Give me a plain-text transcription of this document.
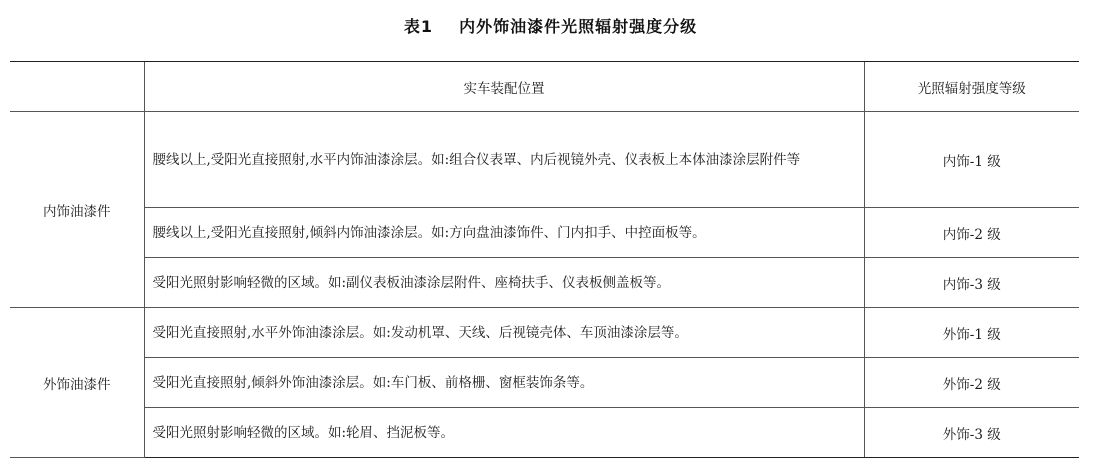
表1 内外饰油漆件光照辐射强度分级
	实车装配位置	光照辐射强度等级
内饰油漆件	腰线以上,受阳光直接照射,水平内饰油漆涂层。如:组合仪表罩、内后视镜外壳、仪表板上本体油漆涂层附件等	内饰-1 级
	腰线以上,受阳光直接照射,倾斜内饰油漆涂层。如:方向盘油漆饰件、门内扣手、中控面板等。	内饰-2 级
	受阳光照射影响轻微的区域。如:副仪表板油漆涂层附件、座椅扶手、仪表板侧盖板等。	内饰-3 级
外饰油漆件	受阳光直接照射,水平外饰油漆涂层。如:发动机罩、天线、后视镜壳体、车顶油漆涂层等。	外饰-1 级
	受阳光直接照射,倾斜外饰油漆涂层。如:车门板、前格栅、窗框装饰条等。	外饰-2 级
	受阳光照射影响轻微的区域。如:轮眉、挡泥板等。	外饰-3 级
